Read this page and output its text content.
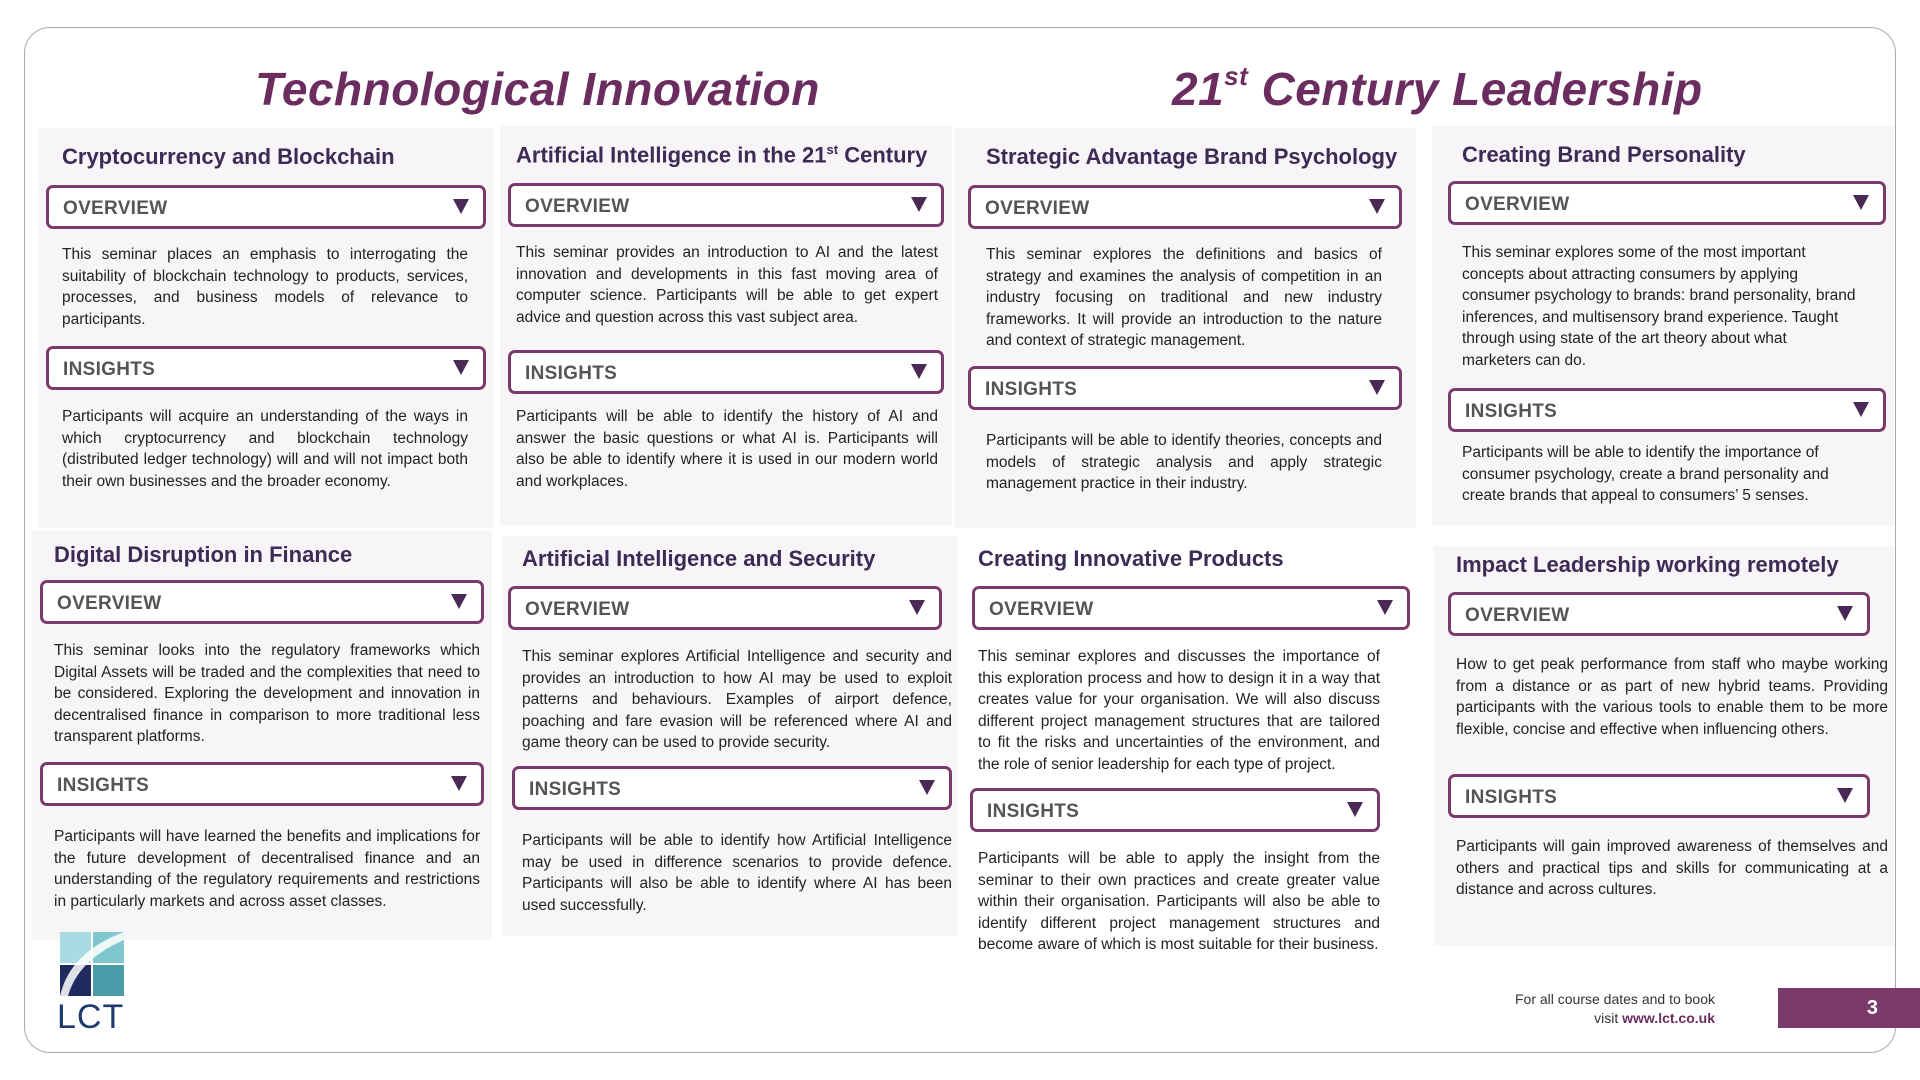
Technological Innovation	21st Century Leadership
Cryptocurrency and Blockchain
OVERVIEW
This seminar places an emphasis to interrogating the suitability of blockchain technology to products, services, processes, and business models of relevance to participants.
INSIGHTS
Participants will acquire an understanding of the ways in which cryptocurrency and blockchain technology (distributed ledger technology) will and will not impact both their own businesses and the broader economy.
Artificial Intelligence in the 21st Century
OVERVIEW
This seminar provides an introduction to AI and the latest innovation and developments in this fast moving area of computer science. Participants will be able to get expert advice and question across this vast subject area.
INSIGHTS
Participants will be able to identify the history of AI and answer the basic questions or what AI is. Participants will also be able to identify where it is used in our modern world and workplaces.
Strategic Advantage Brand Psychology
OVERVIEW
This seminar explores the definitions and basics of strategy and examines the analysis of competition in an industry focusing on traditional and new industry frameworks. It will provide an introduction to the nature and context of strategic management.
INSIGHTS
Participants will be able to identify theories, concepts and models of strategic analysis and apply strategic management practice in their industry.
Creating Brand Personality
OVERVIEW
This seminar explores some of the most important concepts about attracting consumers by applying consumer psychology to brands: brand personality, brand inferences, and multisensory brand experience. Taught through using state of the art theory about what marketers can do.
INSIGHTS
Participants will be able to identify the importance of consumer psychology, create a brand personality and create brands that appeal to consumers’ 5 senses.
Digital Disruption in Finance
OVERVIEW
This seminar looks into the regulatory frameworks which Digital Assets will be traded and the complexities that need to be considered. Exploring the development and innovation in decentralised finance in comparison to more traditional less transparent platforms.
INSIGHTS
Participants will have learned the benefits and implications for the future development of decentralised finance and an understanding of the regulatory requirements and restrictions in particularly markets and across asset classes.
Artificial Intelligence and Security
OVERVIEW
This seminar explores Artificial Intelligence and security and provides an introduction to how AI may be used to exploit patterns and behaviours. Examples of airport defence, poaching and fare evasion will be referenced where AI and game theory can be used to provide security.
INSIGHTS
Participants will be able to identify how Artificial Intelligence may be used in difference scenarios to provide defence. Participants will also be able to identify where AI has been used successfully.
Creating Innovative Products
OVERVIEW
This seminar explores and discusses the importance of this exploration process and how to design it in a way that creates value for your organisation. We will also discuss different project management structures that are tailored to fit the risks and uncertainties of the environment, and the role of senior leadership for each type of project.
INSIGHTS
Participants will be able to apply the insight from the seminar to their own practices and create greater value within their organisation. Participants will also be able to identify different project management structures and become aware of which is most suitable for their business.
Impact Leadership working remotely
OVERVIEW
How to get peak performance from staff who maybe working from a distance or as part of new hybrid teams. Providing participants with the various tools to enable them to be more flexible, concise and effective when influencing others.
INSIGHTS
Participants will gain improved awareness of themselves and others and practical tips and skills for communicating at a distance and across cultures.
LCT	For all course dates and to book
visit www.lct.co.uk	3
